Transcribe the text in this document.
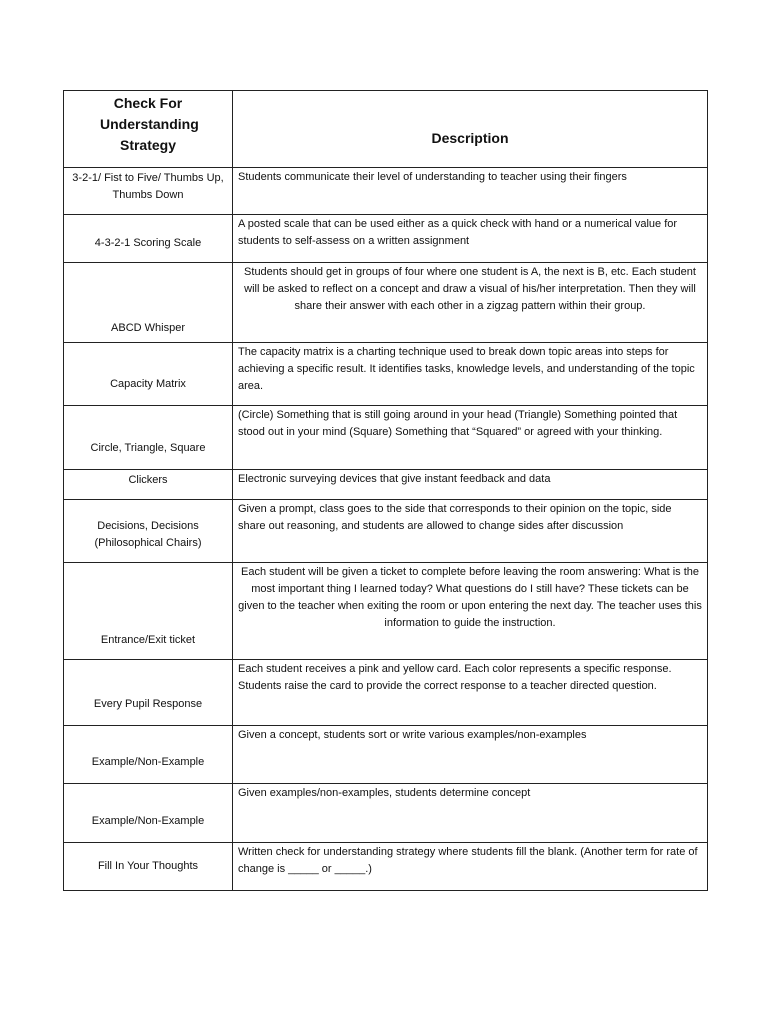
Check For Understanding Strategy	Description
3-2-1/ Fist to Five/ Thumbs Up, Thumbs Down	Students communicate their level of understanding to teacher using their fingers
4-3-2-1 Scoring Scale	A posted scale that can be used either as a quick check with hand or a numerical value for students to self-assess on a written assignment
ABCD Whisper	Students should get in groups of four where one student is A, the next is B, etc. Each student will be asked to reflect on a concept and draw a visual of his/her interpretation. Then they will share their answer with each other in a zigzag pattern within their group.
Capacity Matrix	The capacity matrix is a charting technique used to break down topic areas into steps for achieving a specific result. It identifies tasks, knowledge levels, and understanding of the topic area.
Circle, Triangle, Square	(Circle) Something that is still going around in your head (Triangle) Something pointed that stood out in your mind (Square) Something that “Squared” or agreed with your thinking.
Clickers	Electronic surveying devices that give instant feedback and data
Decisions, Decisions (Philosophical Chairs)	Given a prompt, class goes to the side that corresponds to their opinion on the topic, side share out reasoning, and students are allowed to change sides after discussion
Entrance/Exit ticket	Each student will be given a ticket to complete before leaving the room answering: What is the most important thing I learned today? What questions do I still have? These tickets can be given to the teacher when exiting the room or upon entering the next day. The teacher uses this information to guide the instruction.
Every Pupil Response	Each student receives a pink and yellow card. Each color represents a specific response. Students raise the card to provide the correct response to a teacher directed question.
Example/Non-Example	Given a concept, students sort or write various examples/non-examples
Example/Non-Example	Given examples/non-examples, students determine concept
Fill In Your Thoughts	Written check for understanding strategy where students fill the blank. (Another term for rate of change is _____ or _____.)
